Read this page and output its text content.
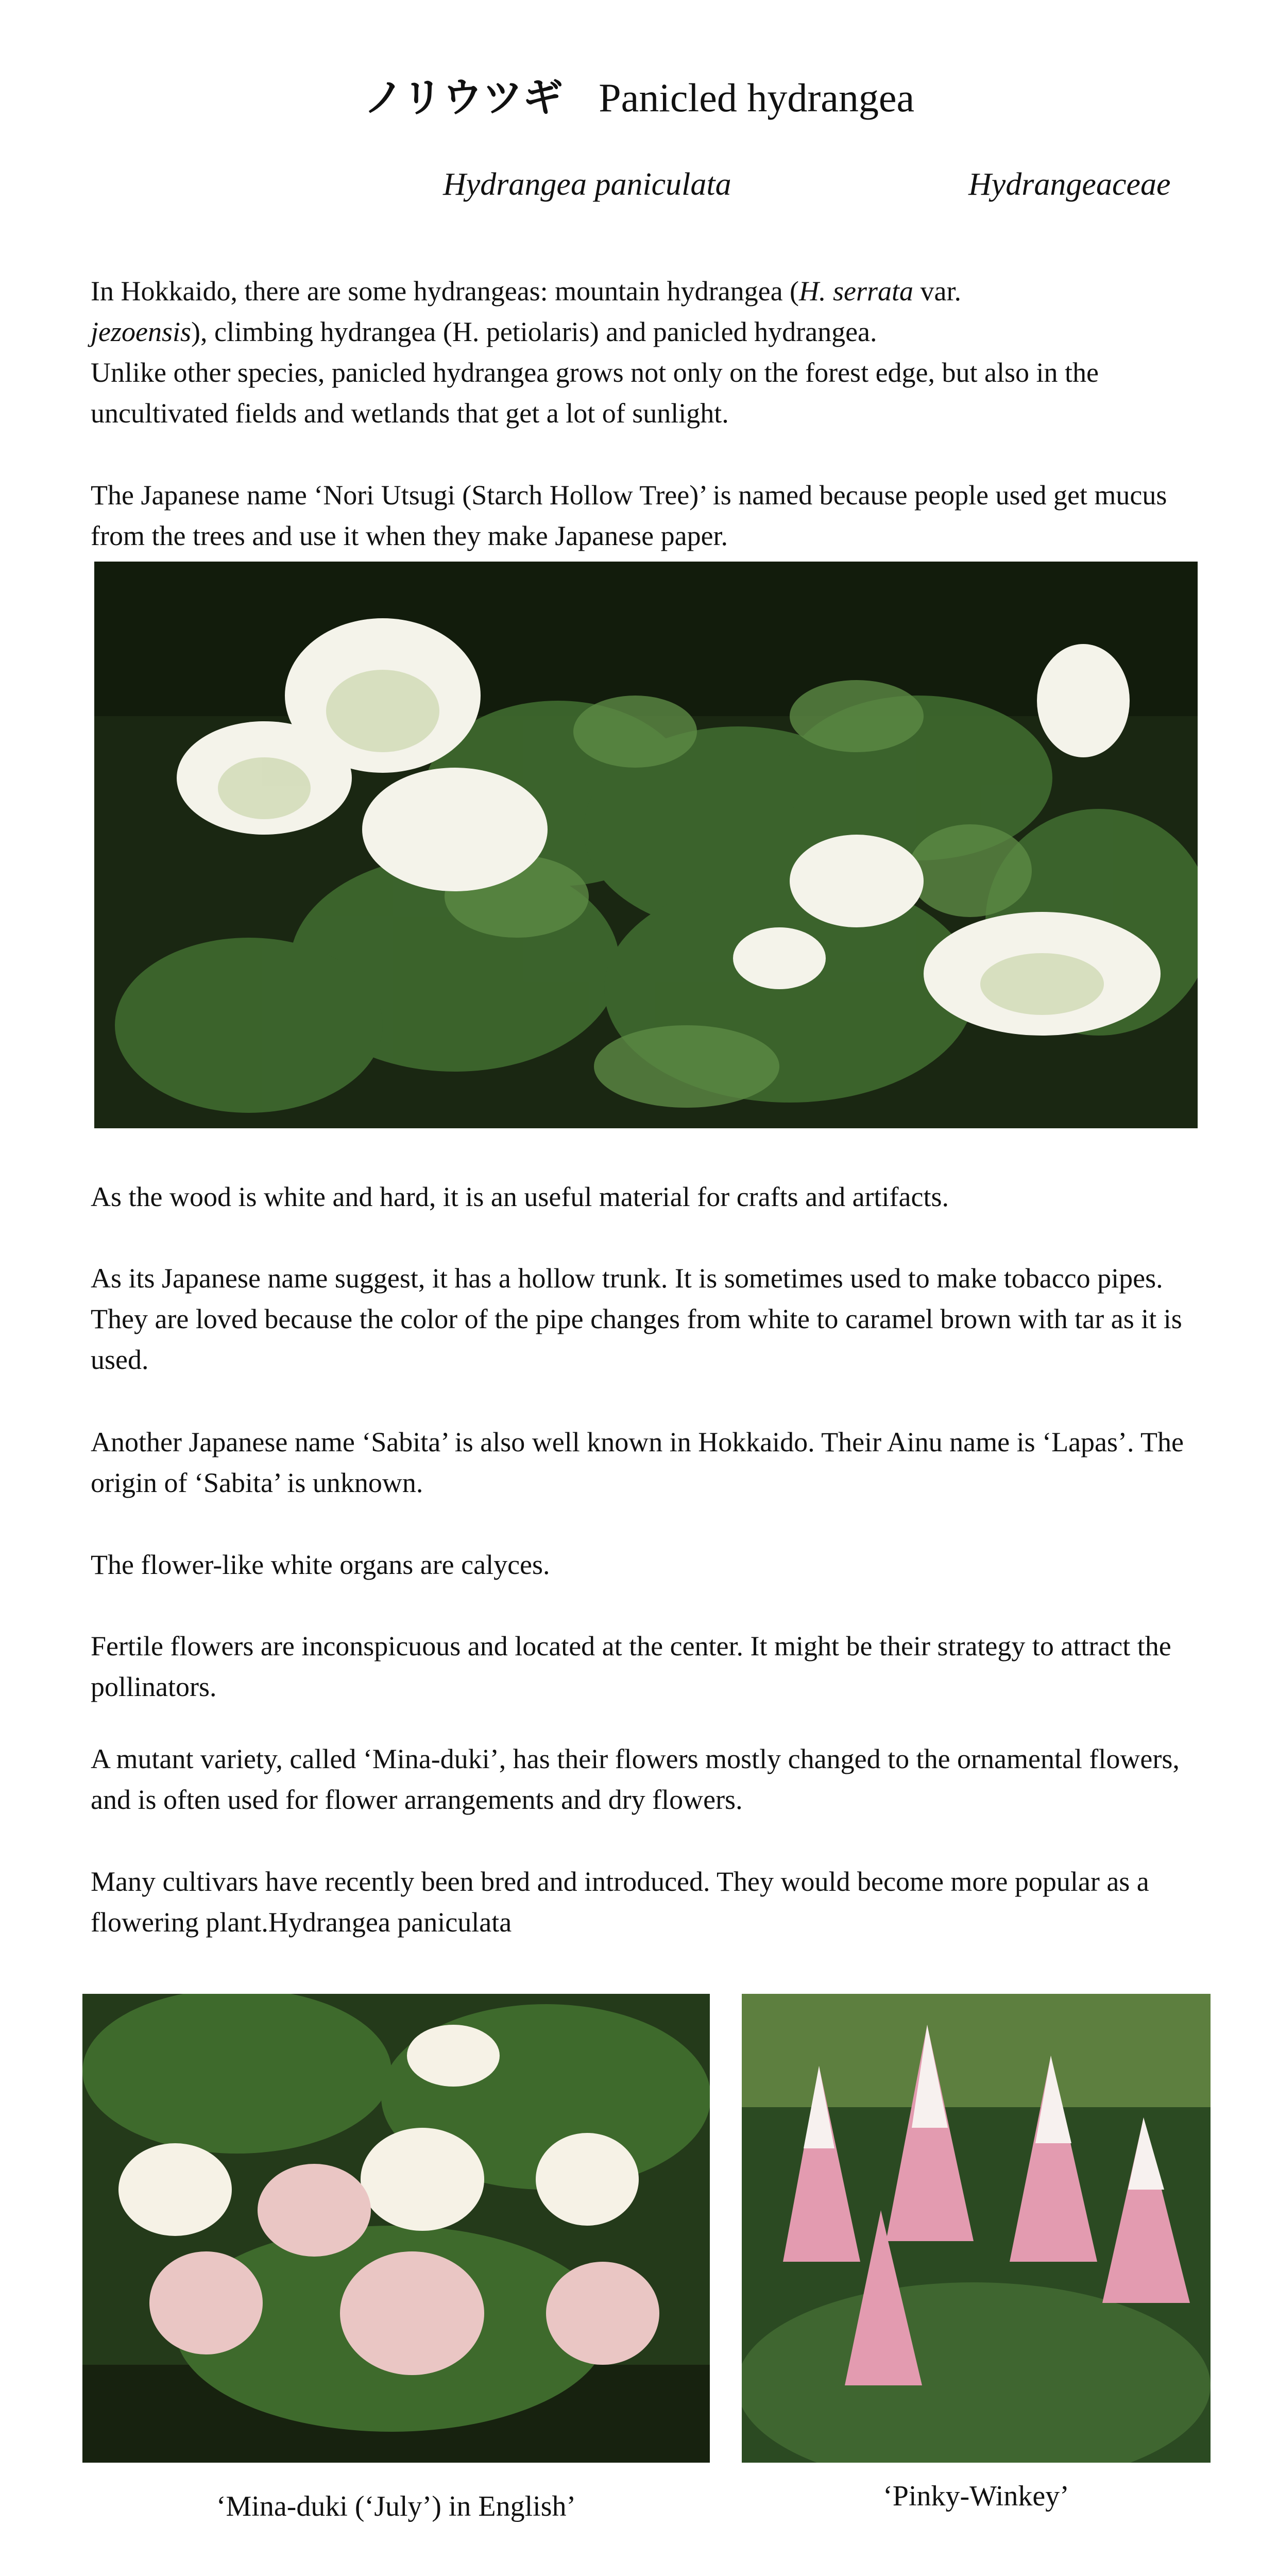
ノリウツギ Panicled hydrangea
Hydrangea paniculata	Hydrangeaceae

In Hokkaido, there are some hydrangeas: mountain hydrangea (H. serrata var.

jezoensis), climbing hydrangea (H. petiolaris) and panicled hydrangea.

Unlike other species, panicled hydrangea grows not only on the forest edge, but also in the uncultivated fields and wetlands that get a lot of sunlight.

The Japanese name ‘Nori Utsugi (Starch Hollow Tree)’ is named because people used get mucus from the trees and use it when they make Japanese paper.
As the wood is white and hard, it is an useful material for crafts and artifacts.
As its Japanese name suggest, it has a hollow trunk. It is sometimes used to make tobacco pipes. They are loved because the color of the pipe changes from white to caramel brown with tar as it is used.
Another Japanese name ‘Sabita’ is also well known in Hokkaido. Their Ainu name is ‘Lapas’. The origin of ‘Sabita’ is unknown.
The flower-like white organs are calyces.
Fertile flowers are inconspicuous and located at the center. It might be their strategy to attract the pollinators.
A mutant variety, called ‘Mina-duki’, has their flowers mostly changed to the ornamental flowers, and is often used for flower arrangements and dry flowers.
Many cultivars have recently been bred and introduced. They would become more popular as a flowering plant.Hydrangea paniculata
‘Mina-duki (‘July’) in English’	‘Pinky-Winkey’
